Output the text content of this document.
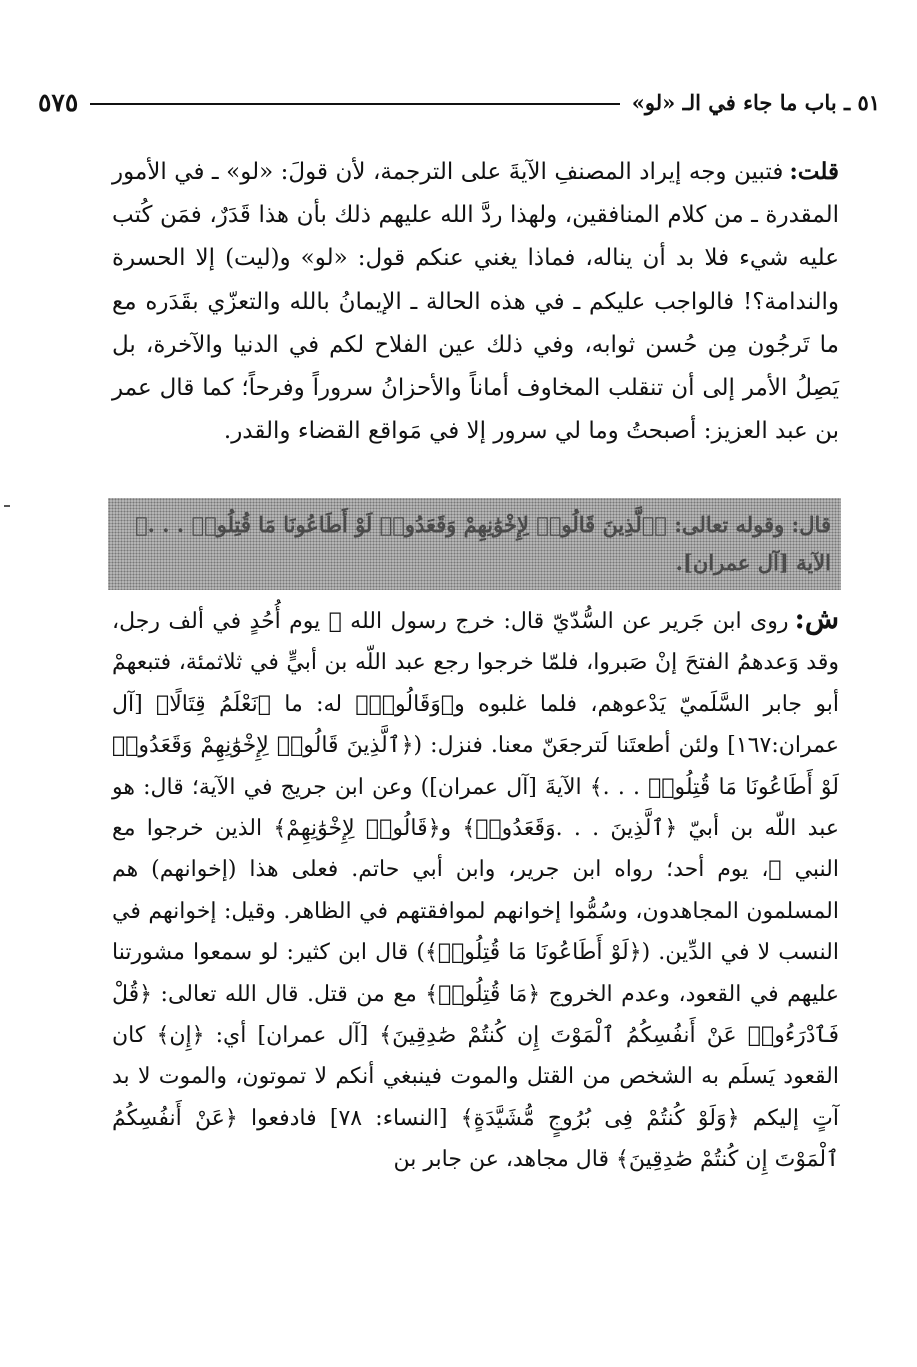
٥١ ـ باب ما جاء في الـ «لو»
٥٧٥

قلت:فتبين وجه إيراد المصنفِ الآيةَ على الترجمة، لأن قولَ: «لو» ـ في الأمور المقدرة ـ من كلام المنافقين، ولهذا ردَّ الله عليهم ذلك بأن هذا قَدَرٌ، فمَن كُتب عليه شيء فلا بد أن يناله، فماذا يغني عنكم قول: «لو» و(ليت) إلا الحسرة والندامة؟! فالواجب عليكم ـ في هذه الحالة ـ الإيمانُ بالله والتعزّي بقَدَره مع ما تَرجُون مِن حُسن ثوابه، وفي ذلك عين الفلاح لكم في الدنيا والآخرة، بل يَصِلُ الأمر إلى أن تنقلب المخاوف أماناً والأحزانُ سروراً وفرحاً؛ كما قال عمر بن عبد العزيز: أصبحتُ وما لي سرور إلا في مَواقع القضاء والقدر.

قال: وقوله تعالى: ﴿ٱلَّذِينَ قَالُوا۟ لِإِخْوَٰنِهِمْ وَقَعَدُوا۟ لَوْ أَطَاعُونَا مَا قُتِلُوا۟ . . .﴾ الآية [آل عمران].

ش:روى ابن جَرير عن السُّدّيّ قال: خرج رسول الله ﷺ يوم أُحُدٍ في ألف رجل، وقد وَعدهمُ الفتحَ إنْ صَبروا، فلمّا خرجوا رجع عبد اللّه بن أبيٍّ في ثلاثمئة، فتبعهمْ أبو جابر السَّلَميّ يَدْعوهم، فلما غلبوه و﴿وَقَالُوا۟﴾ له: ما ﴿نَعْلَمُ قِتَالًا﴾ [آل عمران:١٦٧] ولئن أطعتَنا لَترجعَنّ معنا. فنزل: (﴿ٱلَّذِينَ قَالُوا۟ لِإِخْوَٰنِهِمْ وَقَعَدُوا۟ لَوْ أَطَاعُونَا مَا قُتِلُوا۟ . . .﴾ الآيةَ [آل عمران]) وعن ابن جريج في الآية؛ قال: هو عبد اللّه بن أبيّ ﴿ٱلَّذِينَ . . .وَقَعَدُوا۟﴾ و﴿قَالُوا۟ لِإِخْوَٰنِهِمْ﴾ الذين خرجوا مع النبي ﷺ، يوم أحد؛ رواه ابن جرير، وابن أبي حاتم. فعلى هذا (إخوانهم) هم المسلمون المجاهدون، وسُمُّوا إخوانهم لموافقتهم في الظاهر. وقيل: إخوانهم في النسب لا في الدِّين. (﴿لَوْ أَطَاعُونَا مَا قُتِلُوا۟﴾) قال ابن كثير: لو سمعوا مشورتنا عليهم في القعود، وعدم الخروج ﴿مَا قُتِلُوا۟﴾ مع من قتل. قال الله تعالى: ﴿قُلْ فَٱدْرَءُوا۟ عَنْ أَنفُسِكُمُ ٱلْمَوْتَ إِن كُنتُمْ صَٰدِقِينَ﴾ [آل عمران] أي: ﴿إِن﴾ كان القعود يَسلَم به الشخص من القتل والموت فينبغي أنكم لا تموتون، والموت لا بد آتٍ إليكم ﴿وَلَوْ كُنتُمْ فِى بُرُوجٍ مُّشَيَّدَةٍ﴾ [النساء: ٧٨] فادفعوا ﴿عَنْ أَنفُسِكُمُ ٱلْمَوْتَ إِن كُنتُمْ صَٰدِقِينَ﴾ قال مجاهد، عن جابر بن
